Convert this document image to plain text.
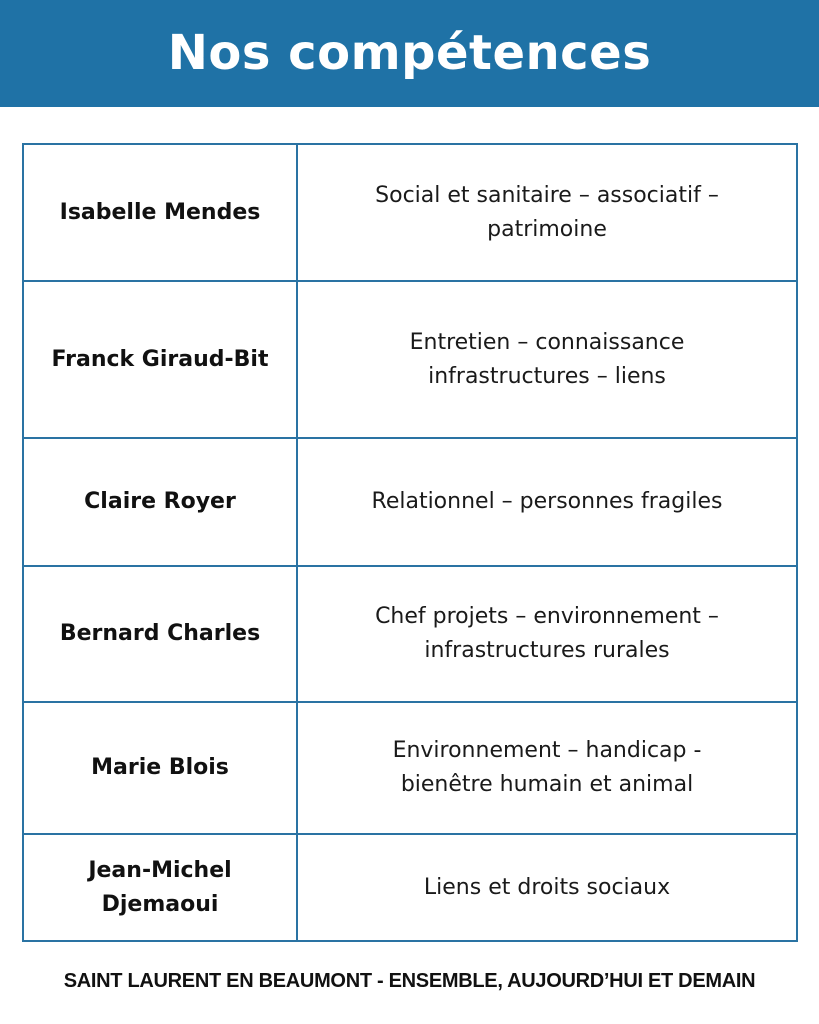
Nos compétences
Isabelle Mendes	Social et sanitaire – associatif – patrimoine
Franck Giraud-Bit	Entretien – connaissance infrastructures – liens
Claire Royer	Relationnel – personnes fragiles
Bernard Charles	Chef projets – environnement – infrastructures rurales
Marie Blois	Environnement – handicap - bienêtre humain et animal
Jean-Michel Djemaoui	Liens et droits sociaux
SAINT LAURENT EN BEAUMONT - ENSEMBLE, AUJOURD’HUI ET DEMAIN
